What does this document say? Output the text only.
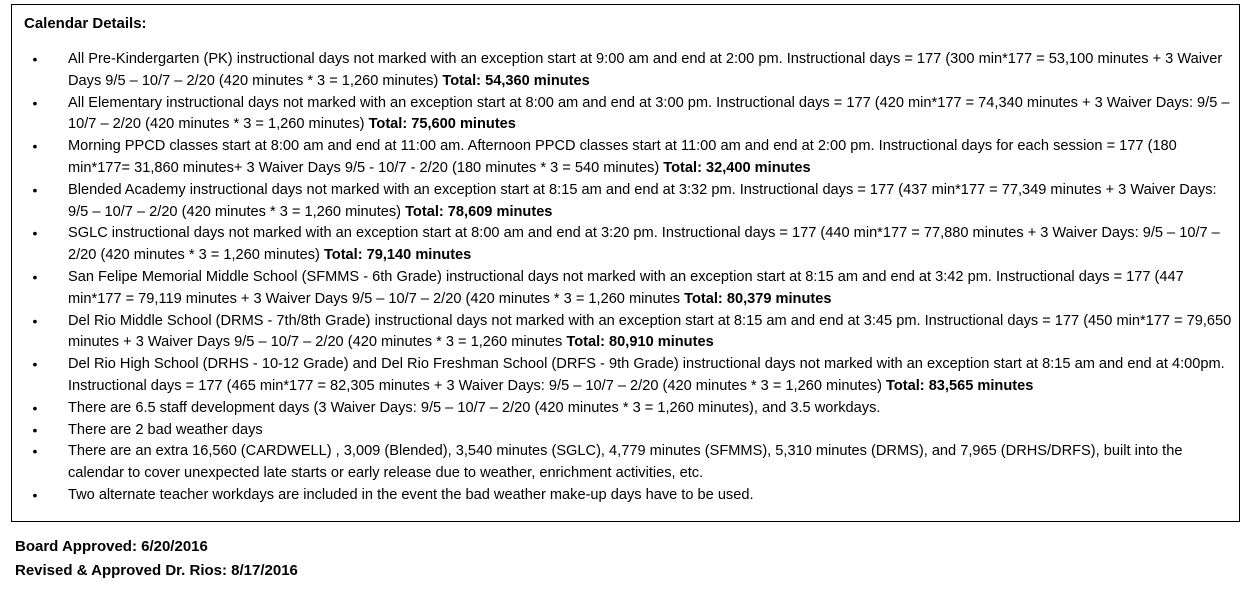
Calendar Details:

•	All Pre-Kindergarten (PK) instructional days not marked with an exception start at 9:00 am and end at 2:00 pm. Instructional days = 177 (300 min*177 = 53,100 minutes + 3 Waiver Days 9/5 – 10/7 – 2/20 (420 minutes * 3 = 1,260 minutes) Total: 54,360 minutes
•	All Elementary instructional days not marked with an exception start at 8:00 am and end at 3:00 pm. Instructional days = 177 (420 min*177 = 74,340 minutes + 3 Waiver Days: 9/5 – 10/7 – 2/20 (420 minutes * 3 = 1,260 minutes) Total: 75,600 minutes
•	Morning PPCD classes start at 8:00 am and end at 11:00 am. Afternoon PPCD classes start at 11:00 am and end at 2:00 pm. Instructional days for each session = 177 (180 min*177= 31,860 minutes+ 3 Waiver Days 9/5 - 10/7 - 2/20 (180 minutes * 3 = 540 minutes) Total: 32,400 minutes
•	Blended Academy instructional days not marked with an exception start at 8:15 am and end at 3:32 pm. Instructional days = 177 (437 min*177 = 77,349 minutes + 3 Waiver Days: 9/5 – 10/7 – 2/20 (420 minutes * 3 = 1,260 minutes) Total: 78,609 minutes
•	SGLC instructional days not marked with an exception start at 8:00 am and end at 3:20 pm. Instructional days = 177 (440 min*177 = 77,880 minutes + 3 Waiver Days: 9/5 – 10/7 – 2/20 (420 minutes * 3 = 1,260 minutes) Total: 79,140 minutes
•	San Felipe Memorial Middle School (SFMMS - 6th Grade) instructional days not marked with an exception start at 8:15 am and end at 3:42 pm. Instructional days = 177 (447 min*177 = 79,119 minutes + 3 Waiver Days 9/5 – 10/7 – 2/20 (420 minutes * 3 = 1,260 minutes Total: 80,379 minutes
•	Del Rio Middle School (DRMS - 7th/8th Grade) instructional days not marked with an exception start at 8:15 am and end at 3:45 pm. Instructional days = 177 (450 min*177 = 79,650 minutes + 3 Waiver Days 9/5 – 10/7 – 2/20 (420 minutes * 3 = 1,260 minutes Total: 80,910 minutes
•	Del Rio High School (DRHS - 10-12 Grade) and Del Rio Freshman School (DRFS - 9th Grade) instructional days not marked with an exception start at 8:15 am and end at 4:00pm. Instructional days = 177 (465 min*177 = 82,305 minutes + 3 Waiver Days: 9/5 – 10/7 – 2/20 (420 minutes * 3 = 1,260 minutes) Total: 83,565 minutes
•	There are 6.5 staff development days (3 Waiver Days: 9/5 – 10/7 – 2/20 (420 minutes * 3 = 1,260 minutes), and 3.5 workdays.
•	There are 2 bad weather days
•	There are an extra 16,560 (CARDWELL) , 3,009 (Blended), 3,540 minutes (SGLC), 4,779 minutes (SFMMS), 5,310 minutes (DRMS), and 7,965 (DRHS/DRFS), built into the calendar to cover unexpected late starts or early release due to weather, enrichment activities, etc.
•	Two alternate teacher workdays are included in the event the bad weather make-up days have to be used.

Board Approved: 6/20/2016

Revised & Approved Dr. Rios: 8/17/2016
